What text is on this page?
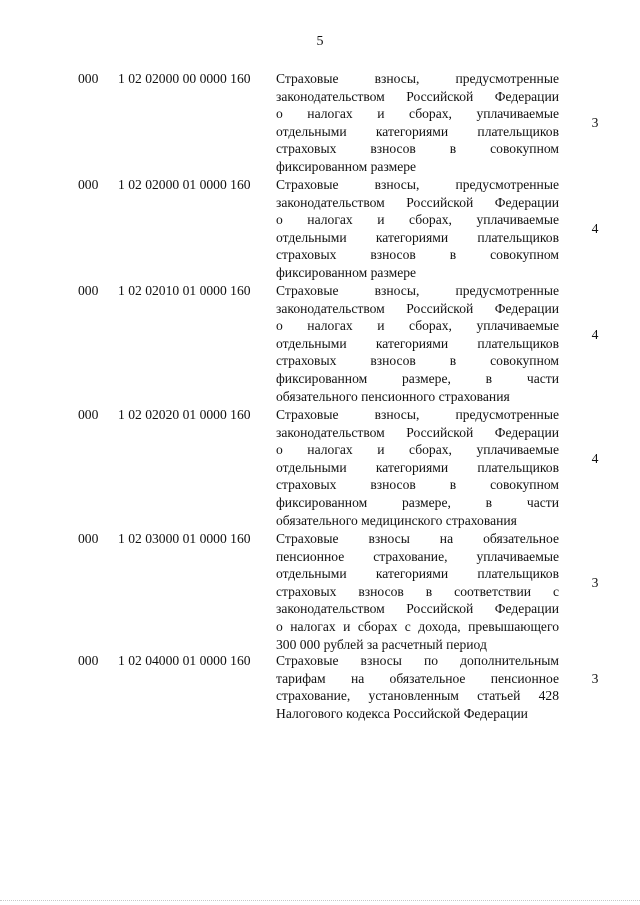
5
000 1 02 02000 00 0000 160 Страховые взносы, предусмотренные
законодательством Российской Федерации
о налогах и сборах, уплачиваемые
отдельными категориями плательщиков
страховых взносов в совокупном
фиксированном размере
3
000 1 02 02000 01 0000 160 Страховые взносы, предусмотренные
законодательством Российской Федерации
о налогах и сборах, уплачиваемые
отдельными категориями плательщиков
страховых взносов в совокупном
фиксированном размере
4
000 1 02 02010 01 0000 160 Страховые взносы, предусмотренные
законодательством Российской Федерации
о налогах и сборах, уплачиваемые
отдельными категориями плательщиков
страховых взносов в совокупном
фиксированном размере, в части
обязательного пенсионного страхования
4
000 1 02 02020 01 0000 160 Страховые взносы, предусмотренные
законодательством Российской Федерации
о налогах и сборах, уплачиваемые
отдельными категориями плательщиков
страховых взносов в совокупном
фиксированном размере, в части
обязательного медицинского страхования
4
000 1 02 03000 01 0000 160 Страховые взносы на обязательное
пенсионное страхование, уплачиваемые
отдельными категориями плательщиков
страховых взносов в соответствии с
законодательством Российской Федерации
о налогах и сборах с дохода, превышающего
300 000 рублей за расчетный период
3
000 1 02 04000 01 0000 160 Страховые взносы по дополнительным
тарифам на обязательное пенсионное
страхование, установленным статьей 428
Налогового кодекса Российской Федерации
3
